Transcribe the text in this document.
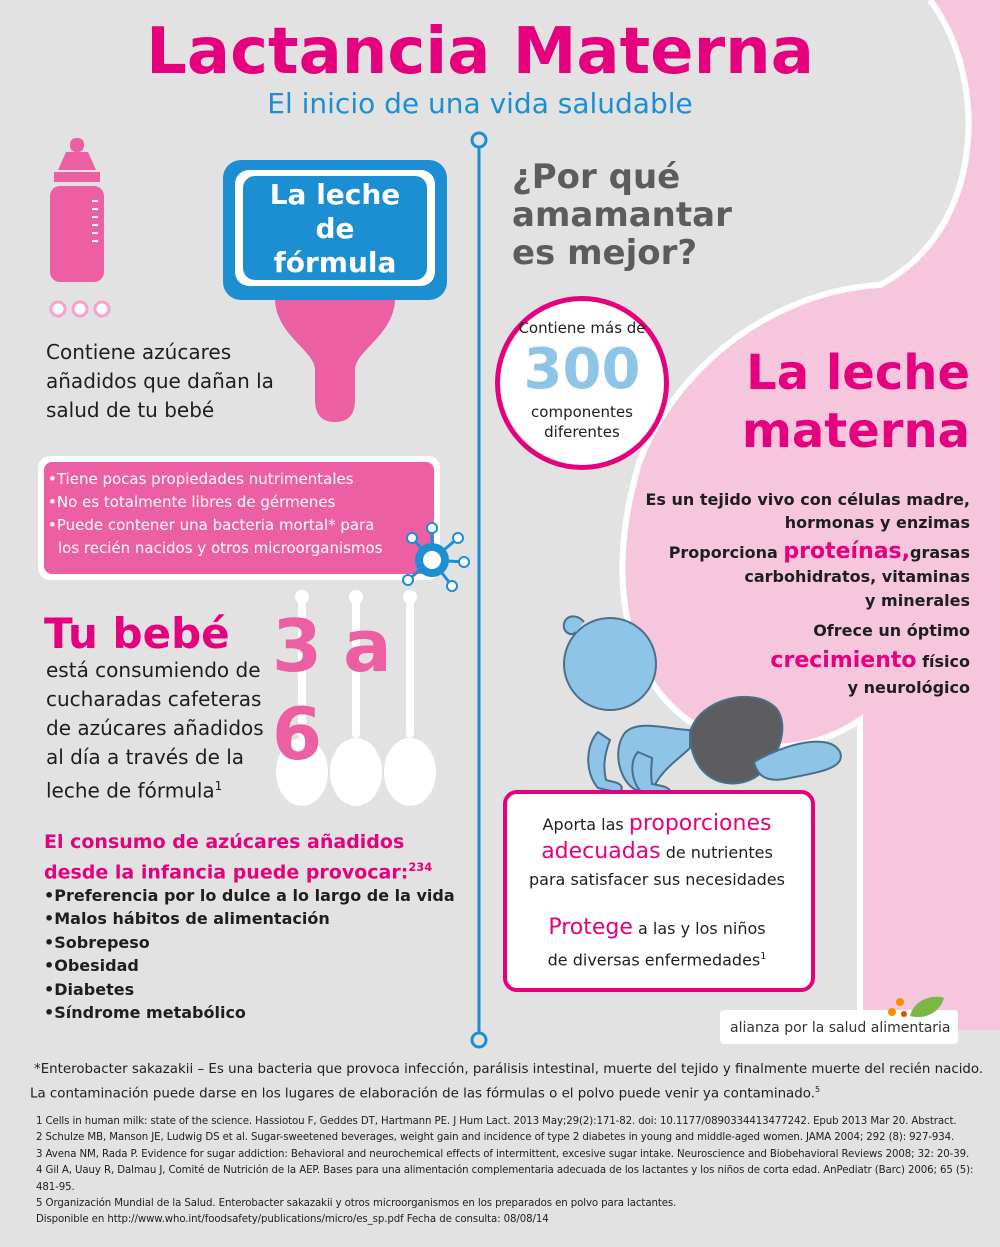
Lactancia Materna
El inicio de una vida saludable
La leche
de
fórmula
Contiene azúcares
añadidos que dañan la
salud de tu bebé
•Tiene pocas propiedades nutrimentales
•No es totalmente libres de gérmenes
•Puede contener una bacteria mortal* para
los recién nacidos y otros microorganismos
Tu bebé 3 a 6
está consumiendo de
cucharadas cafeteras
de azúcares añadidos
al día a través de la
leche de fórmula$^1$
El consumo de azúcares añadidos
desde la infancia puede provocar:$^{234}$
•Preferencia por lo dulce a lo largo de la vida
•Malos hábitos de alimentación
•Sobrepeso
•Obesidad
•Diabetes
•Síndrome metabólico
¿Por qué
amamantar
es mejor?
Contiene más de
300
componentes
diferentes
La leche
materna
Es un tejido vivo con células madre,
hormonas y enzimas
Proporciona proteínas,grasas
carbohidratos, vitaminas
y minerales
Ofrece un óptimo
crecimiento físico
y neurológico
Aporta las proporciones
adecuadas de nutrientes
para satisfacer sus necesidades
Protege a las y los niños
de diversas enfermedades$^1$
alianza por la salud alimentaria
*Enterobacter sakazakii – Es una bacteria que provoca infección, parálisis intestinal, muerte del tejido y finalmente muerte del recién nacido.
La contaminación puede darse en los lugares de elaboración de las fórmulas o el polvo puede venir ya contaminado.$^5$
1 Cells in human milk: state of the science. Hassiotou F, Geddes DT, Hartmann PE. J Hum Lact. 2013 May;29(2):171-82. doi: 10.1177/0890334413477242. Epub 2013 Mar 20. Abstract.
2 Schulze MB, Manson JE, Ludwig DS et al. Sugar-sweetened beverages, weight gain and incidence of type 2 diabetes in young and middle-aged women. JAMA 2004; 292 (8): 927-934.
3 Avena NM, Rada P. Evidence for sugar addiction: Behavioral and neurochemical effects of intermittent, excesive sugar intake. Neuroscience and Biobehavioral Reviews 2008; 32: 20-39.
4 Gil A, Uauy R, Dalmau J, Comité de Nutrición de la AEP. Bases para una alimentación complementaria adecuada de los lactantes y los niños de corta edad. AnPediatr (Barc) 2006; 65 (5): 481-95.
5 Organización Mundial de la Salud. Enterobacter sakazakii y otros microorganismos en los preparados en polvo para lactantes.
Disponible en http://www.who.int/foodsafety/publications/micro/es_sp.pdf Fecha de consulta: 08/08/14
